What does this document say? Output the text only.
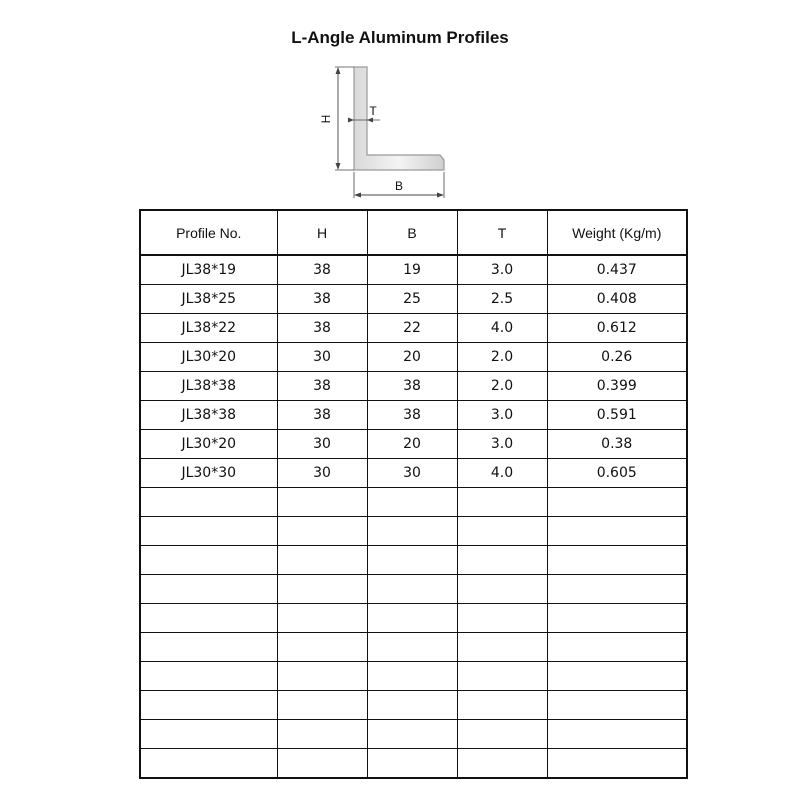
L-Angle Aluminum Profiles
H
T
B
Profile No.	H	B	T	Weight (Kg/m)
JL38*19	38	19	3.0	0.437
JL38*25	38	25	2.5	0.408
JL38*22	38	22	4.0	0.612
JL30*20	30	20	2.0	0.26
JL38*38	38	38	2.0	0.399
JL38*38	38	38	3.0	0.591
JL30*20	30	20	3.0	0.38
JL30*30	30	30	4.0	0.605
